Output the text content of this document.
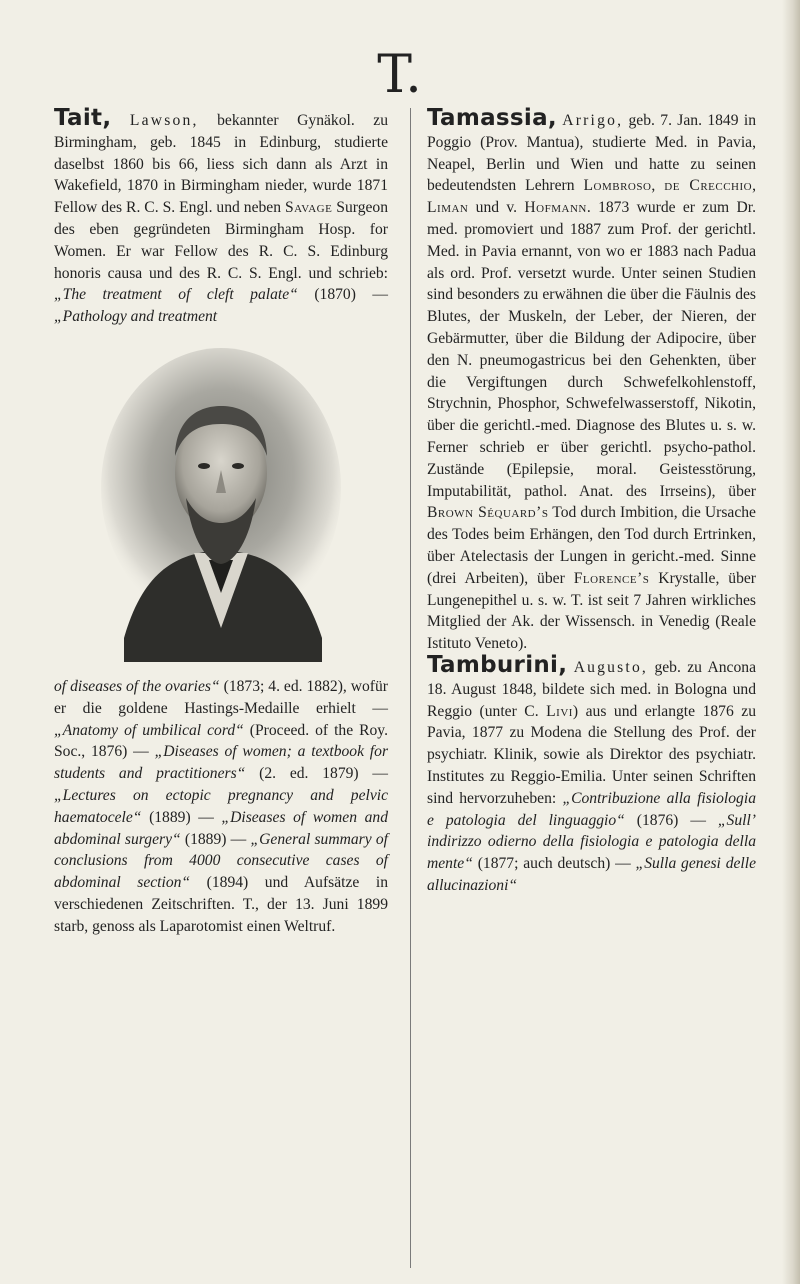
T.

Tait, Lawson, bekannter Gynäkol. zu Birmingham, geb. 1845 in Edinburg, studierte daselbst 1860 bis 66, liess sich dann als Arzt in Wakefield, 1870 in Birmingham nieder, wurde 1871 Fellow des R. C. S. Engl. und neben Savage Surgeon des eben gegründeten Birmingham Hosp. for Women. Er war Fellow des R. C. S. Edinburg honoris causa und des R. C. S. Engl. und schrieb: „The treatment of cleft palate“ (1870) — „Pathology and treatment

of diseases of the ovaries“ (1873; 4. ed. 1882), wofür er die goldene Hastings-Medaille erhielt — „Anatomy of umbilical cord“ (Proceed. of the Roy. Soc., 1876) — „Diseases of women; a textbook for students and practitioners“ (2. ed. 1879) — „Lectures on ectopic pregnancy and pelvic haematocele“ (1889) — „Diseases of women and abdominal surgery“ (1889) — „General summary of conclusions from 4000 consecutive cases of abdominal section“ (1894) und Aufsätze in verschiedenen Zeitschriften. T., der 13. Juni 1899 starb, genoss als Laparotomist einen Weltruf.

Tamassia, Arrigo, geb. 7. Jan. 1849 in Poggio (Prov. Mantua), studierte Med. in Pavia, Neapel, Berlin und Wien und hatte zu seinen bedeutendsten Lehrern Lombroso, de Crecchio, Liman und v. Hofmann. 1873 wurde er zum Dr. med. promoviert und 1887 zum Prof. der gerichtl. Med. in Pavia ernannt, von wo er 1883 nach Padua als ord. Prof. versetzt wurde. Unter seinen Studien sind besonders zu erwähnen die über die Fäulnis des Blutes, der Muskeln, der Leber, der Nieren, der Gebärmutter, über die Bildung der Adipocire, über den N. pneumogastricus bei den Gehenkten, über die Vergiftungen durch Schwefelkohlenstoff, Strychnin, Phosphor, Schwefelwasserstoff, Nikotin, über die gerichtl.-med. Diagnose des Blutes u. s. w. Ferner schrieb er über gerichtl. psycho-pathol. Zustände (Epilepsie, moral. Geistesstörung, Imputabilität, pathol. Anat. des Irrseins), über Brown Séquard’s Tod durch Imbition, die Ursache des Todes beim Erhängen, den Tod durch Ertrinken, über Atelectasis der Lungen in gericht.-med. Sinne (drei Arbeiten), über Florence’s Krystalle, über Lungenepithel u. s. w. T. ist seit 7 Jahren wirkliches Mitglied der Ak. der Wissensch. in Venedig (Reale Istituto Veneto).

Tamburini, Augusto, geb. zu Ancona 18. August 1848, bildete sich med. in Bologna und Reggio (unter C. Livi) aus und erlangte 1876 zu Pavia, 1877 zu Modena die Stellung des Prof. der psychiatr. Klinik, sowie als Direktor des psychiatr. Institutes zu Reggio-Emilia. Unter seinen Schriften sind hervorzuheben: „Contribuzione alla fisiologia e patologia del linguaggio“ (1876) — „Sull’ indirizzo odierno della fisiologia e patologia della mente“ (1877; auch deutsch) — „Sulla genesi delle allucinazioni“
